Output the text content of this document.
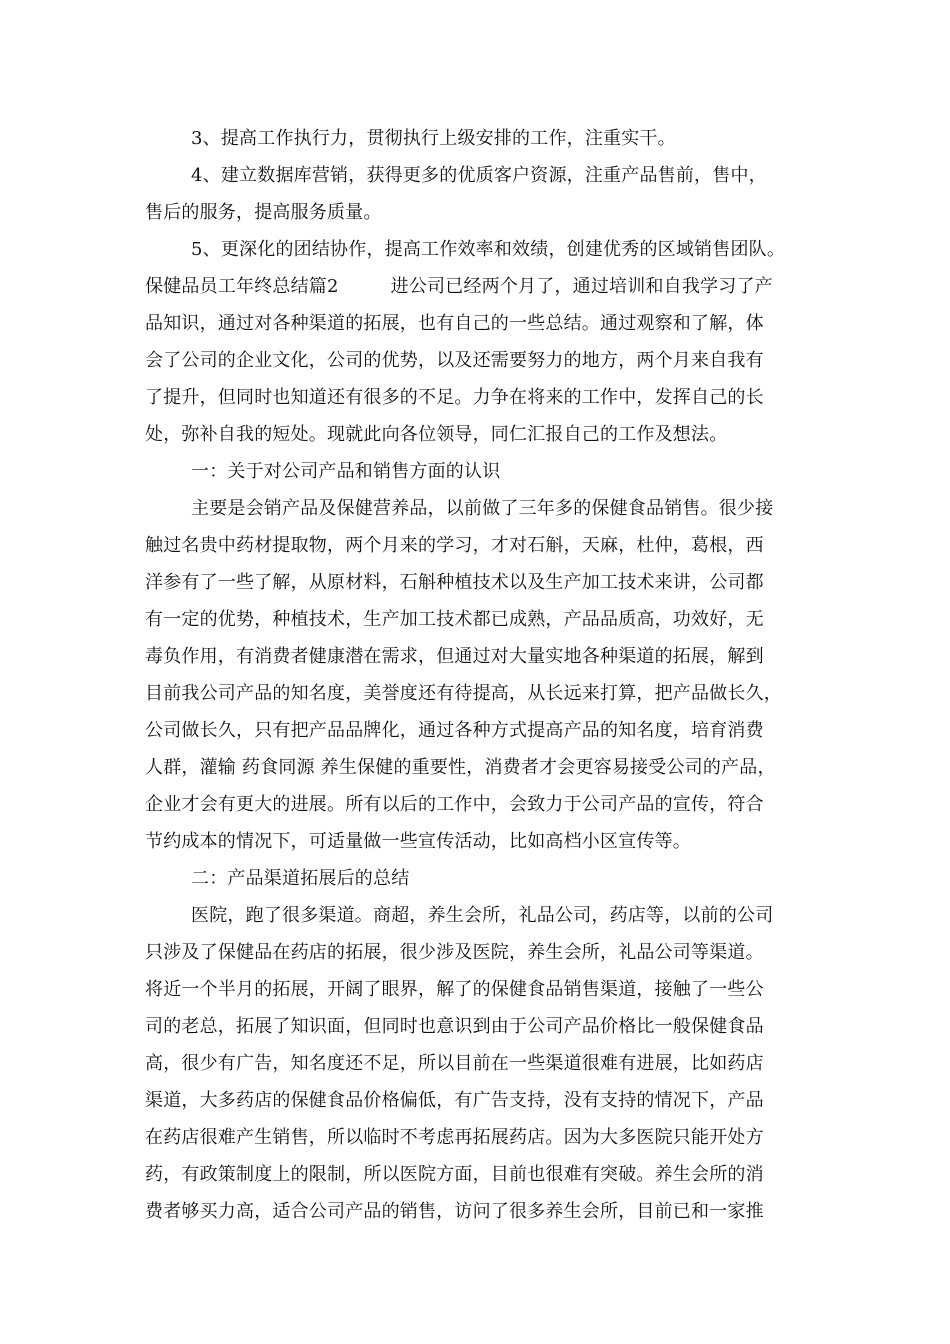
3、提高工作执行力，贯彻执行上级安排的工作，注重实干。
4、建立数据库营销，获得更多的优质客户资源，注重产品售前，售中，
售后的服务，提高服务质量。
5、更深化的团结协作，提高工作效率和效绩，创建优秀的区域销售团队。
保健品员工年终总结篇2	进公司已经两个月了，通过培训和自我学习了产
品知识，通过对各种渠道的拓展，也有自己的一些总结。通过观察和了解，体
会了公司的企业文化，公司的优势，以及还需要努力的地方，两个月来自我有
了提升，但同时也知道还有很多的不足。力争在将来的工作中，发挥自己的长
处，弥补自我的短处。现就此向各位领导，同仁汇报自己的工作及想法。
一：关于对公司产品和销售方面的认识
主要是会销产品及保健营养品，以前做了三年多的保健食品销售。很少接
触过名贵中药材提取物，两个月来的学习，才对石斛，天麻，杜仲，葛根，西
洋参有了一些了解，从原材料，石斛种植技术以及生产加工技术来讲，公司都
有一定的优势，种植技术，生产加工技术都已成熟，产品品质高，功效好，无
毒负作用，有消费者健康潜在需求，但通过对大量实地各种渠道的拓展，解到
目前我公司产品的知名度，美誉度还有待提高，从长远来打算，把产品做长久，
公司做长久，只有把产品品牌化，通过各种方式提高产品的知名度，培育消费
人群，灌输 药食同源 养生保健的重要性，消费者才会更容易接受公司的产品，
企业才会有更大的进展。所有以后的工作中，会致力于公司产品的宣传，符合
节约成本的情况下，可适量做一些宣传活动，比如高档小区宣传等。
二：产品渠道拓展后的总结
医院，跑了很多渠道。商超，养生会所，礼品公司，药店等，以前的公司
只涉及了保健品在药店的拓展，很少涉及医院，养生会所，礼品公司等渠道。
将近一个半月的拓展，开阔了眼界，解了的保健食品销售渠道，接触了一些公
司的老总，拓展了知识面，但同时也意识到由于公司产品价格比一般保健食品
高，很少有广告，知名度还不足，所以目前在一些渠道很难有进展，比如药店
渠道，大多药店的保健食品价格偏低，有广告支持，没有支持的情况下，产品
在药店很难产生销售，所以临时不考虑再拓展药店。因为大多医院只能开处方
药，有政策制度上的限制，所以医院方面，目前也很难有突破。养生会所的消
费者够买力高，适合公司产品的销售，访问了很多养生会所，目前已和一家推
